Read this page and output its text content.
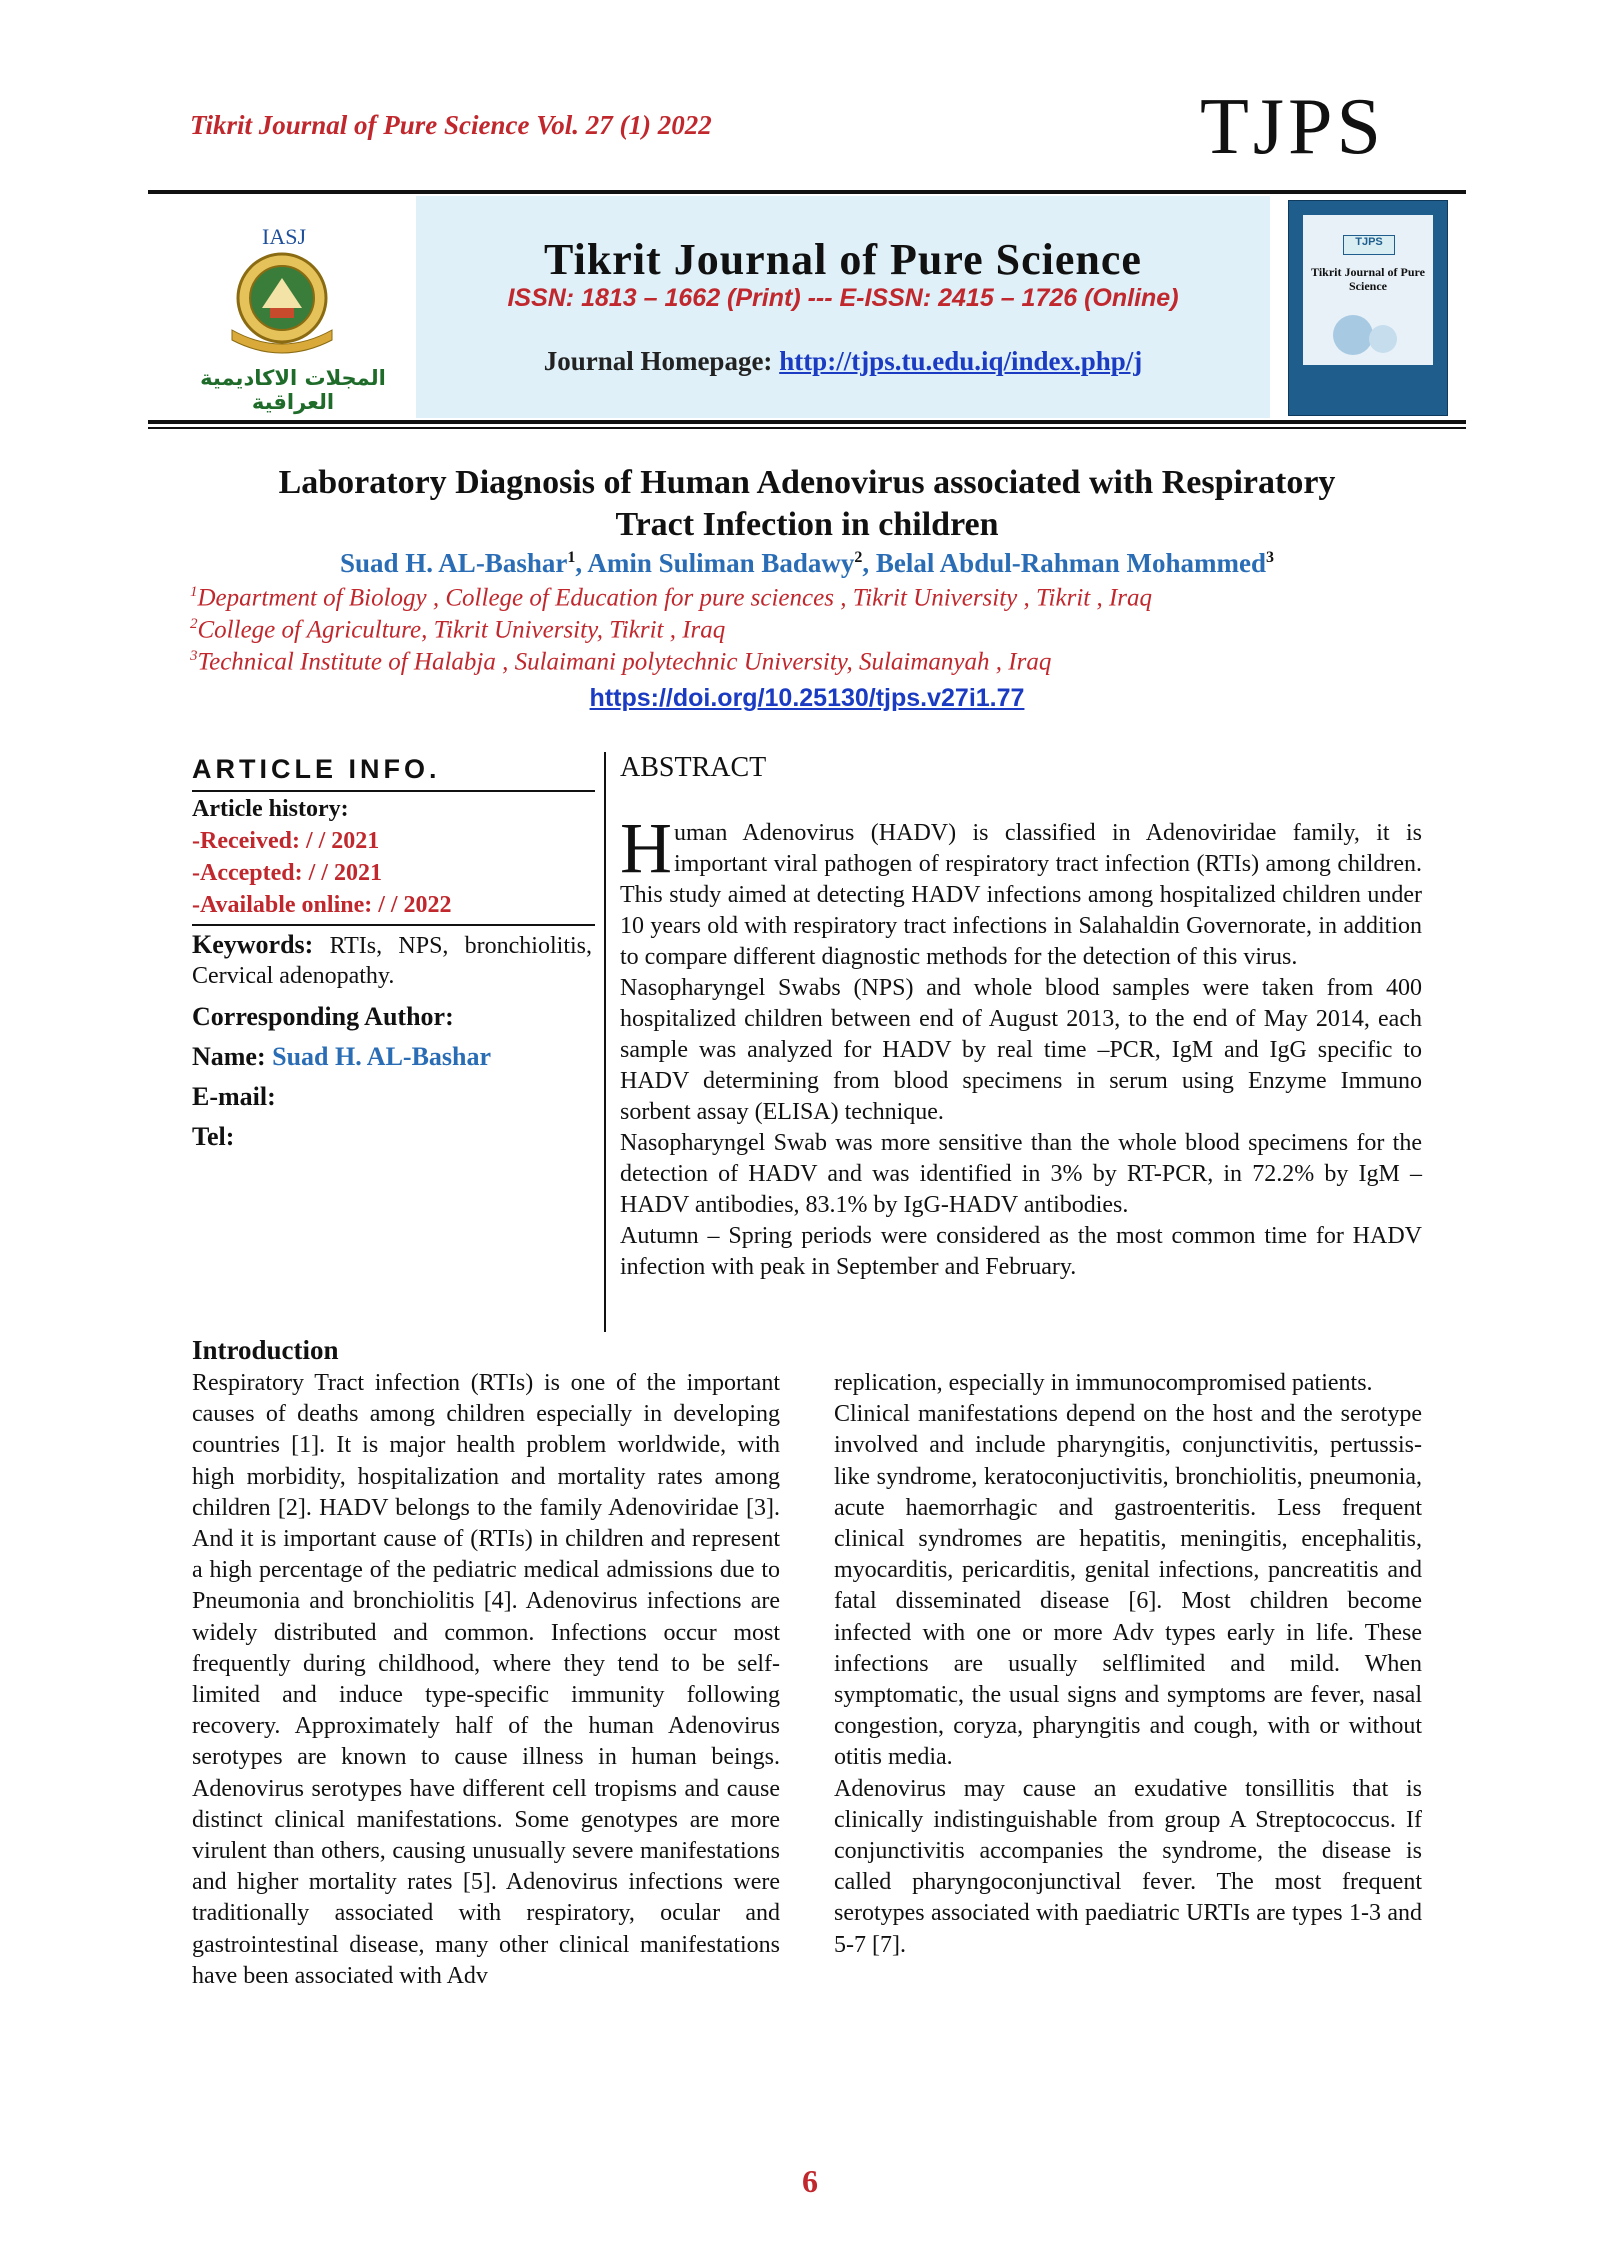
Tikrit Journal of Pure Science Vol. 27 (1) 2022	TJPS
IASJ
المجلات الاكاديمية العراقية
Tikrit Journal of Pure Science
ISSN: 1813 – 1662 (Print) --- E-ISSN: 2415 – 1726 (Online)
Journal Homepage: http://tjps.tu.edu.iq/index.php/j
TJPS
Tikrit Journal of Pure Science
Laboratory Diagnosis of Human Adenovirus associated with Respiratory
Tract Infection in children
Suad H. AL-Bashar$^1$, Amin Suliman Badawy$^2$, Belal Abdul-Rahman Mohammed$^3$
$^1$Department of Biology , College of Education for pure sciences , Tikrit University , Tikrit , Iraq
$^2$College of Agriculture, Tikrit University, Tikrit , Iraq
$^3$Technical Institute of Halabja , Sulaimani polytechnic University, Sulaimanyah , Iraq
https://doi.org/10.25130/tjps.v27i1.77
ARTICLE INFO.
Article history:
-Received: / / 2021
-Accepted: / / 2021
-Available online: / / 2022
Keywords: RTIs, NPS, bronchiolitis, Cervical adenopathy.
Corresponding Author:
Name: Suad H. AL-Bashar
E-mail:
Tel:
ABSTRACT

Human Adenovirus (HADV) is classified in Adenoviridae family, it is important viral pathogen of respiratory tract infection (RTIs) among children. This study aimed at detecting HADV infections among hospitalized children under 10 years old with respiratory tract infections in Salahaldin Governorate, in addition to compare different diagnostic methods for the detection of this virus.

Nasopharyngel Swabs (NPS) and whole blood samples were taken from 400 hospitalized children between end of August 2013, to the end of May 2014, each sample was analyzed for HADV by real time –PCR, IgM and IgG specific to HADV determining from blood specimens in serum using Enzyme Immuno sorbent assay (ELISA) technique.

Nasopharyngel Swab was more sensitive than the whole blood specimens for the detection of HADV and was identified in 3% by RT-PCR, in 72.2% by IgM – HADV antibodies, 83.1% by IgG-HADV antibodies.

Autumn – Spring periods were considered as the most common time for HADV infection with peak in September and February.

Introduction

Respiratory Tract infection (RTIs) is one of the important causes of deaths among children especially in developing countries [1]. It is major health problem worldwide, with high morbidity, hospitalization and mortality rates among children [2]. HADV belongs to the family Adenoviridae [3]. And it is important cause of (RTIs) in children and represent a high percentage of the pediatric medical admissions due to Pneumonia and bronchiolitis [4]. Adenovirus infections are widely distributed and common. Infections occur most frequently during childhood, where they tend to be self- limited and induce type-specific immunity following recovery. Approximately half of the human Adenovirus serotypes are known to cause illness in human beings. Adenovirus serotypes have different cell tropisms and cause distinct clinical manifestations. Some genotypes are more virulent than others, causing unusually severe manifestations and higher mortality rates [5]. Adenovirus infections were traditionally associated with respiratory, ocular and gastrointestinal disease, many other clinical manifestations have been associated with Adv

replication, especially in immunocompromised patients.

Clinical manifestations depend on the host and the serotype involved and include pharyngitis, conjunctivitis, pertussis- like syndrome, keratoconjuctivitis, bronchiolitis, pneumonia, acute haemorrhagic and gastroenteritis. Less frequent clinical syndromes are hepatitis, meningitis, encephalitis, myocarditis, pericarditis, genital infections, pancreatitis and fatal disseminated disease [6]. Most children become infected with one or more Adv types early in life. These infections are usually selflimited and mild. When symptomatic, the usual signs and symptoms are fever, nasal congestion, coryza, pharyngitis and cough, with or without otitis media.

Adenovirus may cause an exudative tonsillitis that is clinically indistinguishable from group A Streptococcus. If conjunctivitis accompanies the syndrome, the disease is called pharyngoconjunctival fever. The most frequent serotypes associated with paediatric URTIs are types 1-3 and 5-7 [7].

6
